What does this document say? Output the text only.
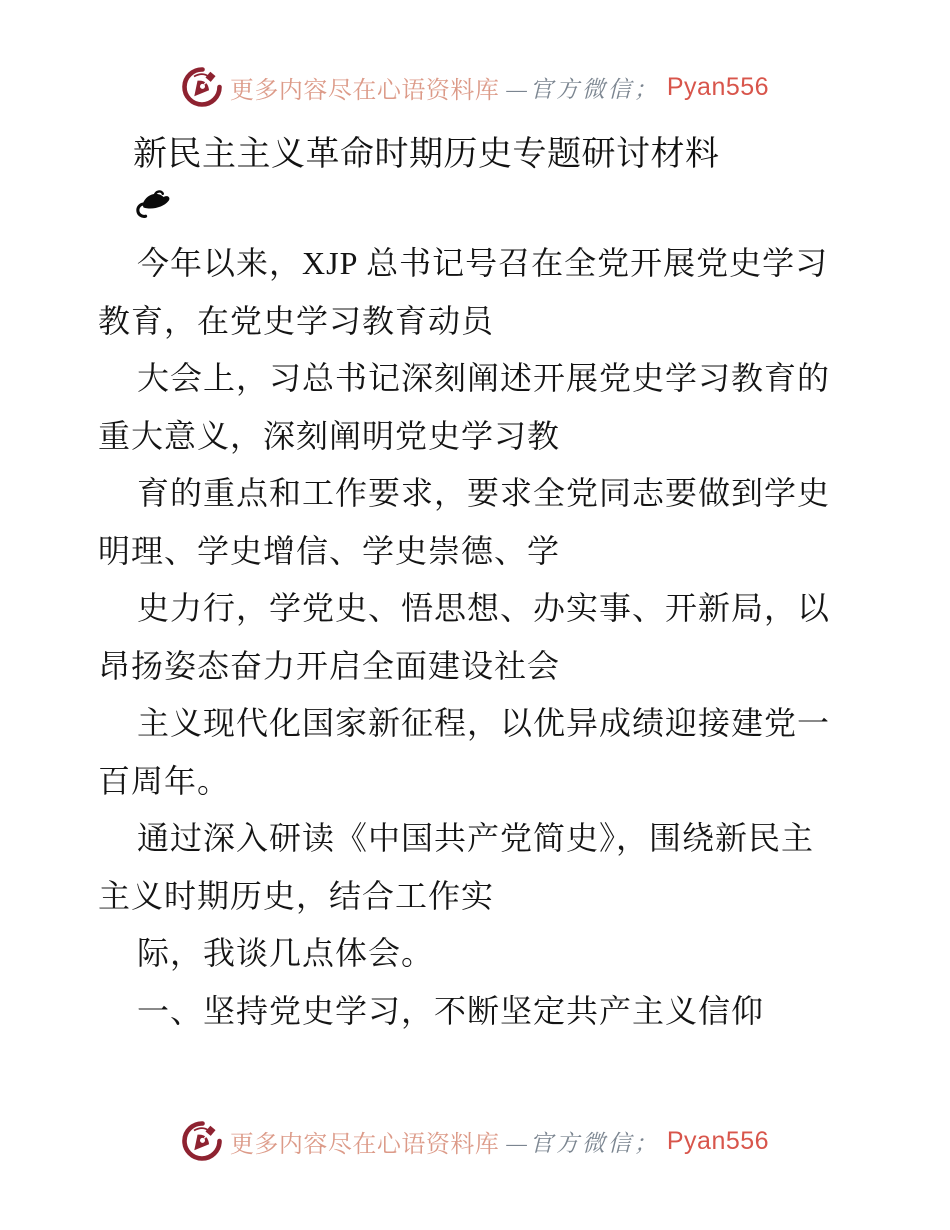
更多内容尽在心语资料库 —官方微信； Pyan556
新民主主义革命时期历史专题研讨材料
今年以来，XJP 总书记号召在全党开展党史学习
教育，在党史学习教育动员
大会上，习总书记深刻阐述开展党史学习教育的
重大意义，深刻阐明党史学习教
育的重点和工作要求，要求全党同志要做到学史
明理、学史增信、学史崇德、学
史力行，学党史、悟思想、办实事、开新局，以
昂扬姿态奋力开启全面建设社会
主义现代化国家新征程，以优异成绩迎接建党一
百周年。
通过深入研读《中国共产党简史》，围绕新民主
主义时期历史，结合工作实
际，我谈几点体会。
一、坚持党史学习，不断坚定共产主义信仰
更多内容尽在心语资料库 —官方微信； Pyan556
